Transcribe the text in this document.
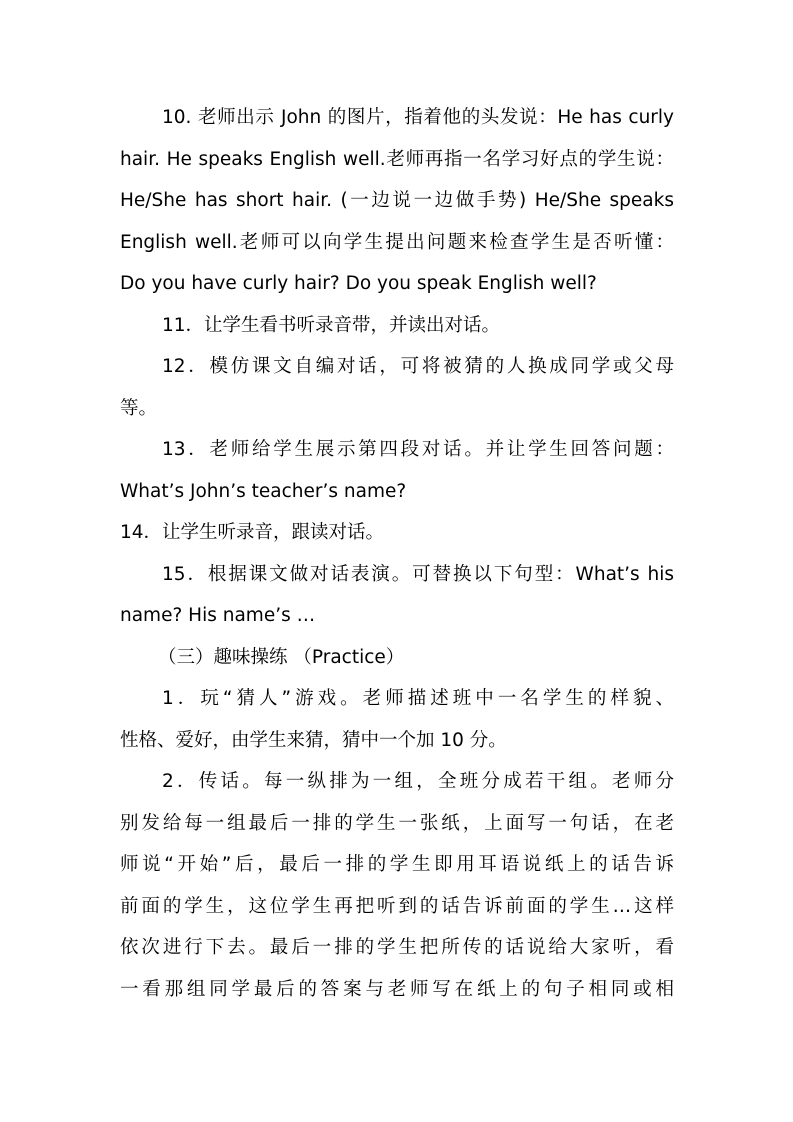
10. 老师出示 John 的图片，指着他的头发说：He has curly
hair. He speaks English well.老师再指一名学习好点的学生说：
He/She has short hair. (一边说一边做手势) He/She speaks
English well.老师可以向学生提出问题来检查学生是否听懂：
Do you have curly hair? Do you speak English well?
11．让学生看书听录音带，并读出对话。
12．模仿课文自编对话，可将被猜的人换成同学或父母
等。
13．老师给学生展示第四段对话。并让学生回答问题：
What’s John’s teacher’s name?
14．让学生听录音，跟读对话。
15．根据课文做对话表演。可替换以下句型：What’s his
name? His name’s …
（三）趣味操练 （Practice）
1．玩“猜人”游戏。老师描述班中一名学生的样貌、
性格、爱好，由学生来猜，猜中一个加 10 分。
2．传话。每一纵排为一组，全班分成若干组。老师分
别发给每一组最后一排的学生一张纸，上面写一句话，在老
师说“开始”后，最后一排的学生即用耳语说纸上的话告诉
前面的学生，这位学生再把听到的话告诉前面的学生…这样
依次进行下去。最后一排的学生把所传的话说给大家听，看
一看那组同学最后的答案与老师写在纸上的句子相同或相
